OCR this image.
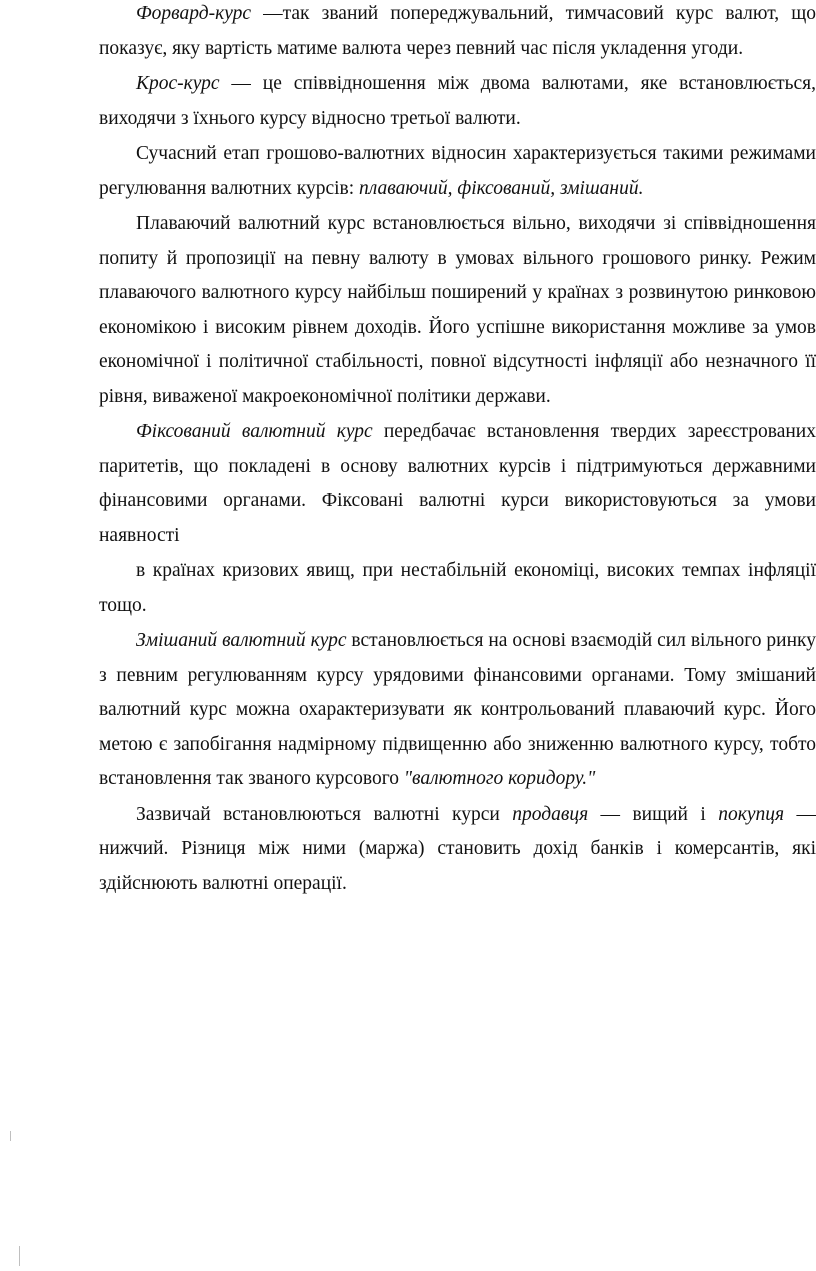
Форвард-курс —так званий попереджувальний, тимчасовий курс валют, що показує, яку вартість матиме валюта через певний час після укладення угоди.

Крос-курс — це співвідношення між двома валютами, яке встановлюється, виходячи з їхнього курсу відносно третьої валюти.

Сучасний етап грошово-валютних відносин характеризується такими режимами регулювання валютних курсів: плаваючий, фіксований, змішаний.

Плаваючий валютний курс встановлюється вільно, виходячи зі співвідношення попиту й пропозиції на певну валюту в умовах вільного грошового ринку. Режим плаваючого валютного курсу найбільш поширений у країнах з розвинутою ринковою економікою і високим рівнем доходів. Його успішне використання можливе за умов економічної і політичної стабільності, повної відсутності інфляції або незначного її рівня, виваженої макроекономічної політики держави.

Фіксований валютний курс передбачає встановлення твердих зареєстрованих паритетів, що покладені в основу валютних курсів і підтримуються державними фінансовими органами. Фіксовані валютні курси використовуються за умови наявності

в країнах кризових явищ, при нестабільній економіці, високих темпах інфляції тощо.

Змішаний валютний курс встановлюється на основі взаємодій сил вільного ринку з певним регулюванням курсу урядовими фінансовими органами. Тому змішаний валютний курс можна охарактеризувати як контрольований плаваючий курс. Його метою є запобігання надмірному підвищенню або зниженню валютного курсу, тобто встановлення так званого курсового "валютного коридору."

Зазвичай встановлюються валютні курси продавця — вищий і покупця — нижчий. Різниця між ними (маржа) становить дохід банків і комерсантів, які здійснюють валютні операції.
